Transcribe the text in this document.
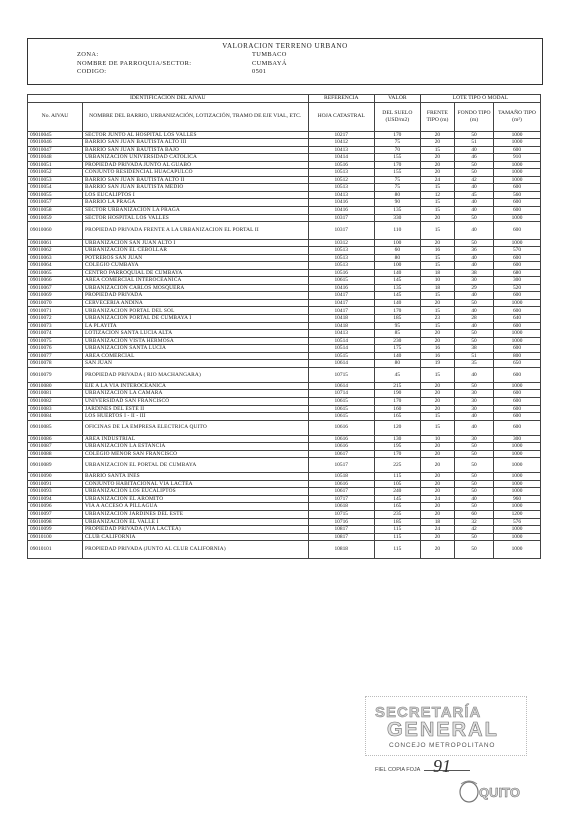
VALORACION TERRENO URBANO
ZONA:	TUMBACO
NOMBRE DE PARROQUIA/SECTOR:	CUMBAYÁ
CODIGO:	0501
IDENTIFICACION DEL AIVAU		REFERENCIA	VALOR	LOTE TIPO O MODAL		
No. AIVAU	NOMBRE DEL BARRIO, URBANIZACIÓN, LOTIZACIÓN, TRAMO DE EJE VIAL, ETC.	HOJA CATASTRAL	DEL SUELO (USD/m2)	FRENTE TIPO (m)	FONDO TIPO (m)	TAMAÑO TIPO (m²)
09010045	SECTOR JUNTO AL HOSPITAL LOS VALLES	10217	170	20	50	1000
09010046	BARRIO SAN JUAN BAUTISTA ALTO III	10412	75	20	51	1000
09010047	BARRIO SAN JUAN BAUTISTA BAJO	10413	70	15	40	600
09010048	URBANIZACION UNIVERSIDAD CATOLICA	10414	155	20	46	910
09010051	PROPIEDAD PRIVADA JUNTO AL GUABO	10516	170	20	50	1000
09010052	CONJUNTO RESIDENCIAL HUACAPULCO	10513	155	20	50	1000
09010053	BARRIO SAN JUAN BAUTISTA ALTO II	10512	75	24	42	1000
09010054	BARRIO SAN JUAN BAUTISTA MEDIO	10513	75	15	40	600
09010055	LOS EUCALIPTOS I	10413	80	12	45	560
09010057	BARRIO LA PRAGA	10416	90	15	40	600
09010058	SECTOR URBANIZACION LA PRAGA	10416	135	15	40	600
09010059	SECTOR HOSPITAL LOS VALLES	10317	330	20	50	1000
09010060	PROPIEDAD PRIVADA FRENTE A LA URBANIZACION EL PORTAL II	10317	110	15	40	600
09010061	URBANIZACION SAN JUAN ALTO I	10312	100	20	50	1000
09010062	URBANIZACION EL CEBOLLAR	10513	60	16	36	570
09010063	POTREROS SAN JUAN	10513	80	15	40	600
09010064	COLEGIO CUMBAYA	10513	100	15	40	600
09010065	CENTRO PARROQUIAL DE CUMBAYA	10516	140	18	38	680
09010066	AREA COMERCIAL INTEROCEANICA	10615	145	10	30	300
09010067	URBANIZACION CARLOS MOSQUERA	10416	135	18	29	520
09010069	PROPIEDAD PRIVADA	10417	145	15	40	600
09010070	CERVECERIA ANDINA	10417	140	20	50	1000
09010071	URBANIZACION PORTAL DEL SOL	10417	170	15	40	600
09010072	URBANIZACION PORTAL DE CUMBAYA I	10418	185	23	28	640
09010073	LA PLAYITA	10418	95	15	40	600
09010074	LOTIZACION SANTA LUCIA ALTA	10413	85	20	50	1000
09010075	URBANIZACION VISTA HERMOSA	10514	230	20	50	1000
09010076	URBANIZACION SANTA LUCIA	10514	175	16	38	600
09010077	AREA COMERCIAL	10515	140	16	51	800
09010078	SAN JUAN	10614	80	19	35	650
09010079	PROPIEDAD PRIVADA ( RIO MACHANGARA)	10715	45	15	40	600
09010080	EJE A LA VIA INTEROCEANICA	10614	215	20	50	1000
09010081	URBANIZACION LA CAMARA	10714	190	20	30	600
09010082	UNIVERSIDAD SAN FRANCISCO	10615	170	20	30	600
09010083	JARDINES DEL ESTE II	10615	160	20	30	600
09010084	LOS HUERTOS I - II - III	10615	165	15	40	600
09010085	OFICINAS DE LA EMPRESA ELECTRICA QUITO	10616	120	15	40	600
09010086	AREA INDUSTRIAL	10616	130	10	30	300
09010087	URBANIZACION LA ESTANCIA	10616	195	20	50	1000
09010088	COLEGIO MENOR SAN FRANCISCO	10617	170	20	50	1000
09010089	URBANIZACION EL PORTAL DE CUMBAYA	10517	225	20	50	1000
09010090	BARRIO SANTA INES	10518	115	20	50	1000
09010091	CONJUNTO HABITACIONAL VIA LACTEA	10616	105	20	50	1000
09010093	URBANIZACION LOS EUCALIPTOS	10617	240	20	50	1000
09010094	URBANIZACION EL AROMITO	10717	145	24	40	960
09010096	VIA A ACCESO A PILLAGUA	10618	165	20	50	1000
09010097	URBANIZACION JARDINES DEL ESTE	10715	235	20	60	1200
09010098	URBANIZACION EL VALLE I	10716	185	18	32	576
09010099	PROPIEDAD PRIVADA (VIA LACTEA)	10817	115	24	42	1000
09010100	CLUB CALIFORNIA	10817	115	20	50	1000
09010101	PROPIEDAD PRIVADA (JUNTO AL CLUB CALIFORNIA)	10818	115	20	50	1000
SECRETARÍA
GENERAL
CONCEJO METROPOLITANO
FIEL COPIA FOJA 91
QUITO
